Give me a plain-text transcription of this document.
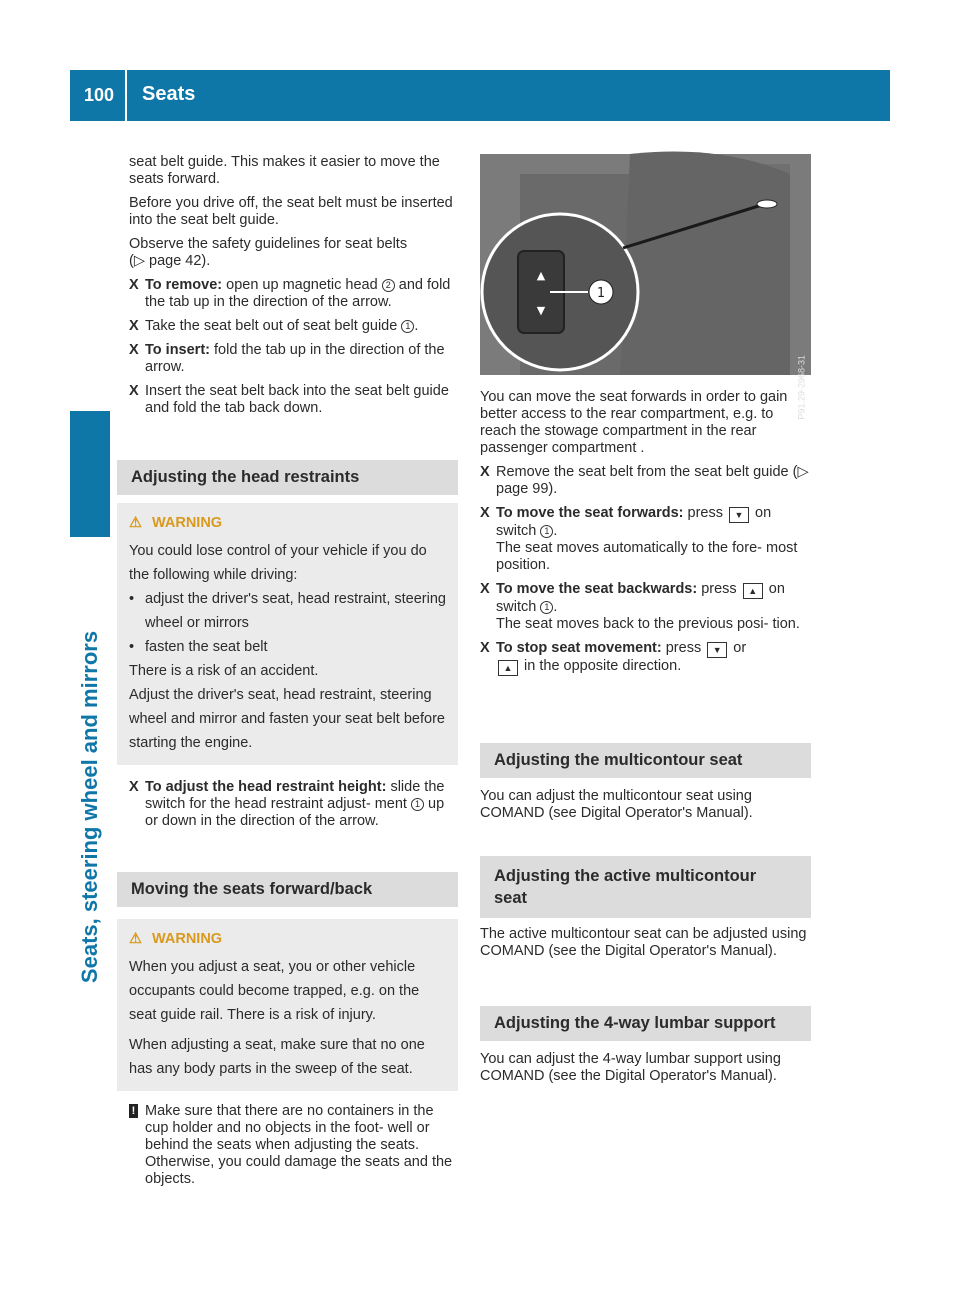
100 Seats
Seats, steering wheel and mirrors

seat belt guide. This makes it easier to move the seats forward.

Before you drive off, the seat belt must be inserted into the seat belt guide.

Observe the safety guidelines for seat belts
(▷ page 42).

X To remove: open up magnetic head 2 and fold the tab up in the direction of the arrow.
X Take the seat belt out of seat belt guide 1 .
X To insert: fold the tab up in the direction of the arrow.
X Insert the seat belt back into the seat belt guide and fold the tab back down.
Adjusting the head restraints
⚠ WARNING
You could lose control of your vehicle if you do the following while driving:
• adjust the driver's seat, head restraint, steering wheel or mirrors
• fasten the seat belt
There is a risk of an accident.
Adjust the driver's seat, head restraint, steering wheel and mirror and fasten your seat belt before starting the engine.
X To adjust the head restraint height: slide the switch for the head restraint adjust- ment 1 up or down in the direction of the arrow.
Moving the seats forward/back
⚠ WARNING
When you adjust a seat, you or other vehicle occupants could become trapped, e.g. on the seat guide rail. There is a risk of injury.
When adjusting a seat, make sure that no one has any body parts in the sweep of the seat.
! Make sure that there are no containers in the cup holder and no objects in the foot- well or behind the seats when adjusting the seats. Otherwise, you could damage the seats and the objects.
▲
▼
1
P91.29-2968-31

You can move the seat forwards in order to gain better access to the rear compartment, e.g. to reach the stowage compartment in the rear passenger compartment .

X Remove the seat belt from the seat belt guide (▷ page 99).
X To move the seat forwards: press ▼ on switch 1 .
The seat moves automatically to the fore- most position.
X To move the seat backwards: press ▲ on switch 1 .
The seat moves back to the previous posi- tion.
X To stop seat movement: press ▼ or
▲ in the opposite direction.
Adjusting the multicontour seat

You can adjust the multicontour seat using COMAND (see Digital Operator's Manual).

Adjusting the active multicontour
seat

The active multicontour seat can be adjusted using COMAND (see the Digital Operator's Manual).

Adjusting the 4-way lumbar support

You can adjust the 4-way lumbar support using COMAND (see the Digital Operator's Manual).
